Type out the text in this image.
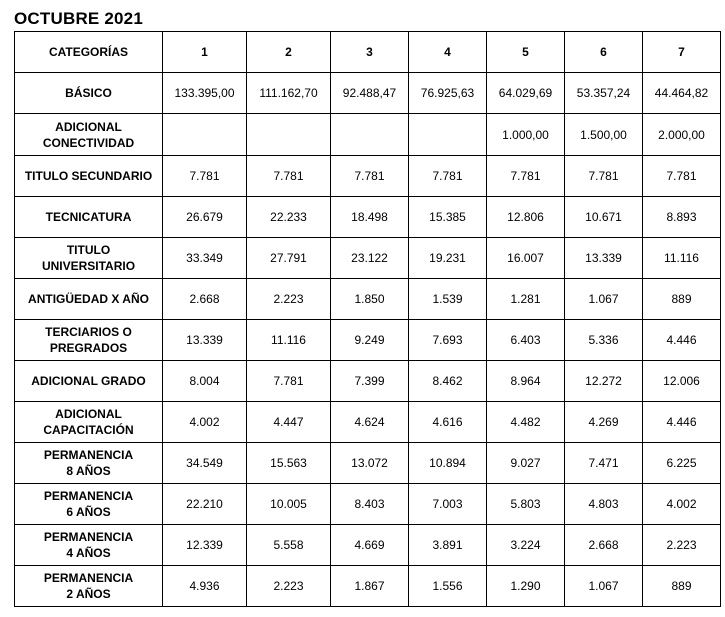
OCTUBRE 2021
CATEGORÍAS	1	2	3	4	5	6	7

BÁSICO	133.395,00	111.162,70	92.488,47	76.925,63	64.029,69	53.357,24	44.464,82

ADICIONAL
CONECTIVIDAD					1.000,00	1.500,00	2.000,00

TITULO SECUNDARIO	7.781	7.781	7.781	7.781	7.781	7.781	7.781

TECNICATURA	26.679	22.233	18.498	15.385	12.806	10.671	8.893

TITULO
UNIVERSITARIO	33.349	27.791	23.122	19.231	16.007	13.339	11.116

ANTIGÜEDAD X AÑO	2.668	2.223	1.850	1.539	1.281	1.067	889

TERCIARIOS O
PREGRADOS	13.339	11.116	9.249	7.693	6.403	5.336	4.446

ADICIONAL GRADO	8.004	7.781	7.399	8.462	8.964	12.272	12.006

ADICIONAL
CAPACITACIÓN	4.002	4.447	4.624	4.616	4.482	4.269	4.446

PERMANENCIA
8 AÑOS	34.549	15.563	13.072	10.894	9.027	7.471	6.225

PERMANENCIA
6 AÑOS	22.210	10.005	8.403	7.003	5.803	4.803	4.002

PERMANENCIA
4 AÑOS	12.339	5.558	4.669	3.891	3.224	2.668	2.223

PERMANENCIA
2 AÑOS	4.936	2.223	1.867	1.556	1.290	1.067	889
